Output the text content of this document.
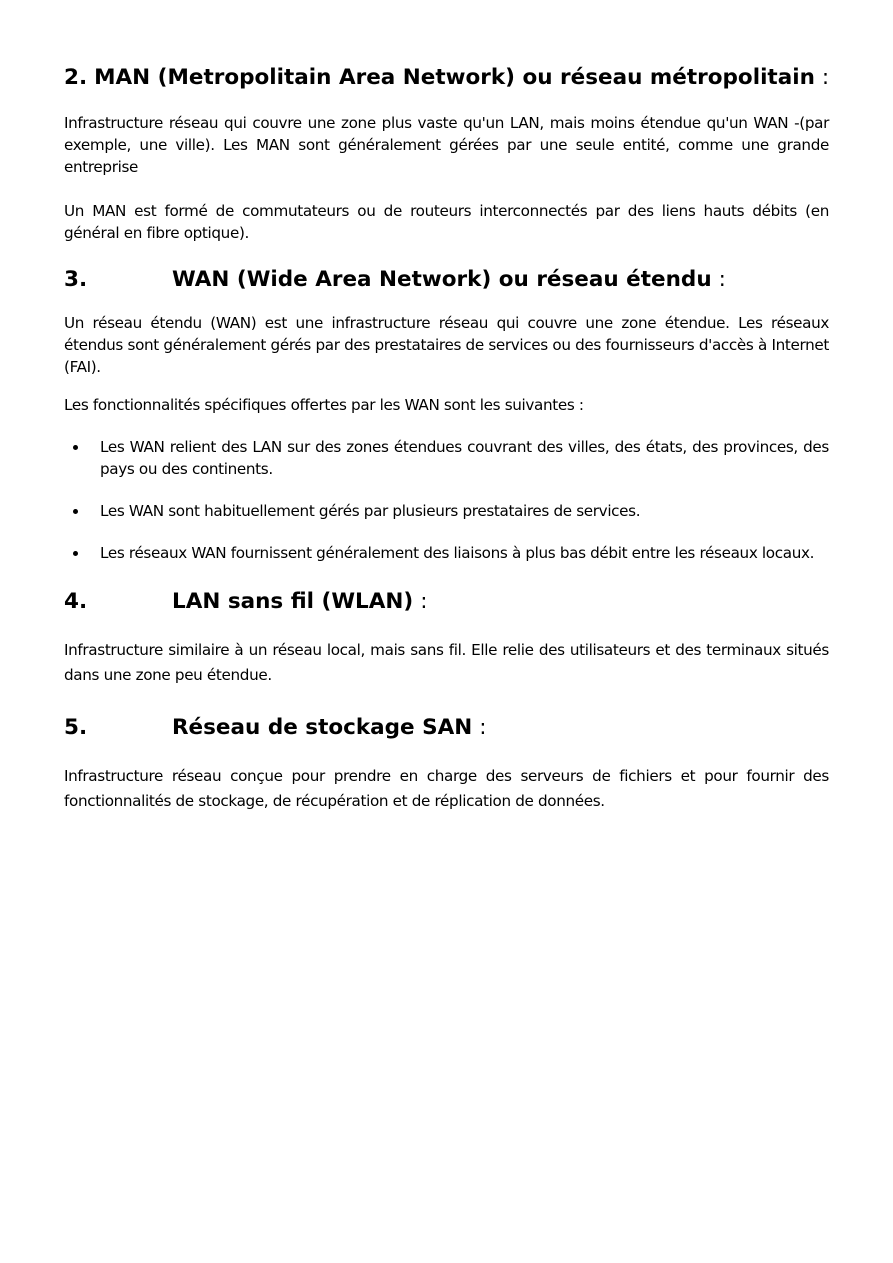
2. MAN (Metropolitain Area Network) ou réseau métropolitain :

Infrastructure réseau qui couvre une zone plus vaste qu'un LAN, mais moins étendue qu'un WAN -(par exemple, une ville). Les MAN sont généralement gérées par une seule entité, comme une grande entreprise

Un MAN est formé de commutateurs ou de routeurs interconnectés par des liens hauts débits (en général en fibre optique).

3.	WAN (Wide Area Network) ou réseau étendu :

Un réseau étendu (WAN) est une infrastructure réseau qui couvre une zone étendue. Les réseaux étendus sont généralement gérés par des prestataires de services ou des fournisseurs d'accès à Internet (FAI).

Les fonctionnalités spécifiques offertes par les WAN sont les suivantes :

Les WAN relient des LAN sur des zones étendues couvrant des villes, des états, des provinces, des pays ou des continents.
Les WAN sont habituellement gérés par plusieurs prestataires de services.
Les réseaux WAN fournissent généralement des liaisons à plus bas débit entre les réseaux locaux.
4.	LAN sans fil (WLAN) :

Infrastructure similaire à un réseau local, mais sans fil. Elle relie des utilisateurs et des terminaux situés dans une zone peu étendue.

5.	Réseau de stockage SAN :

Infrastructure réseau conçue pour prendre en charge des serveurs de fichiers et pour fournir des fonctionnalités de stockage, de récupération et de réplication de données.
